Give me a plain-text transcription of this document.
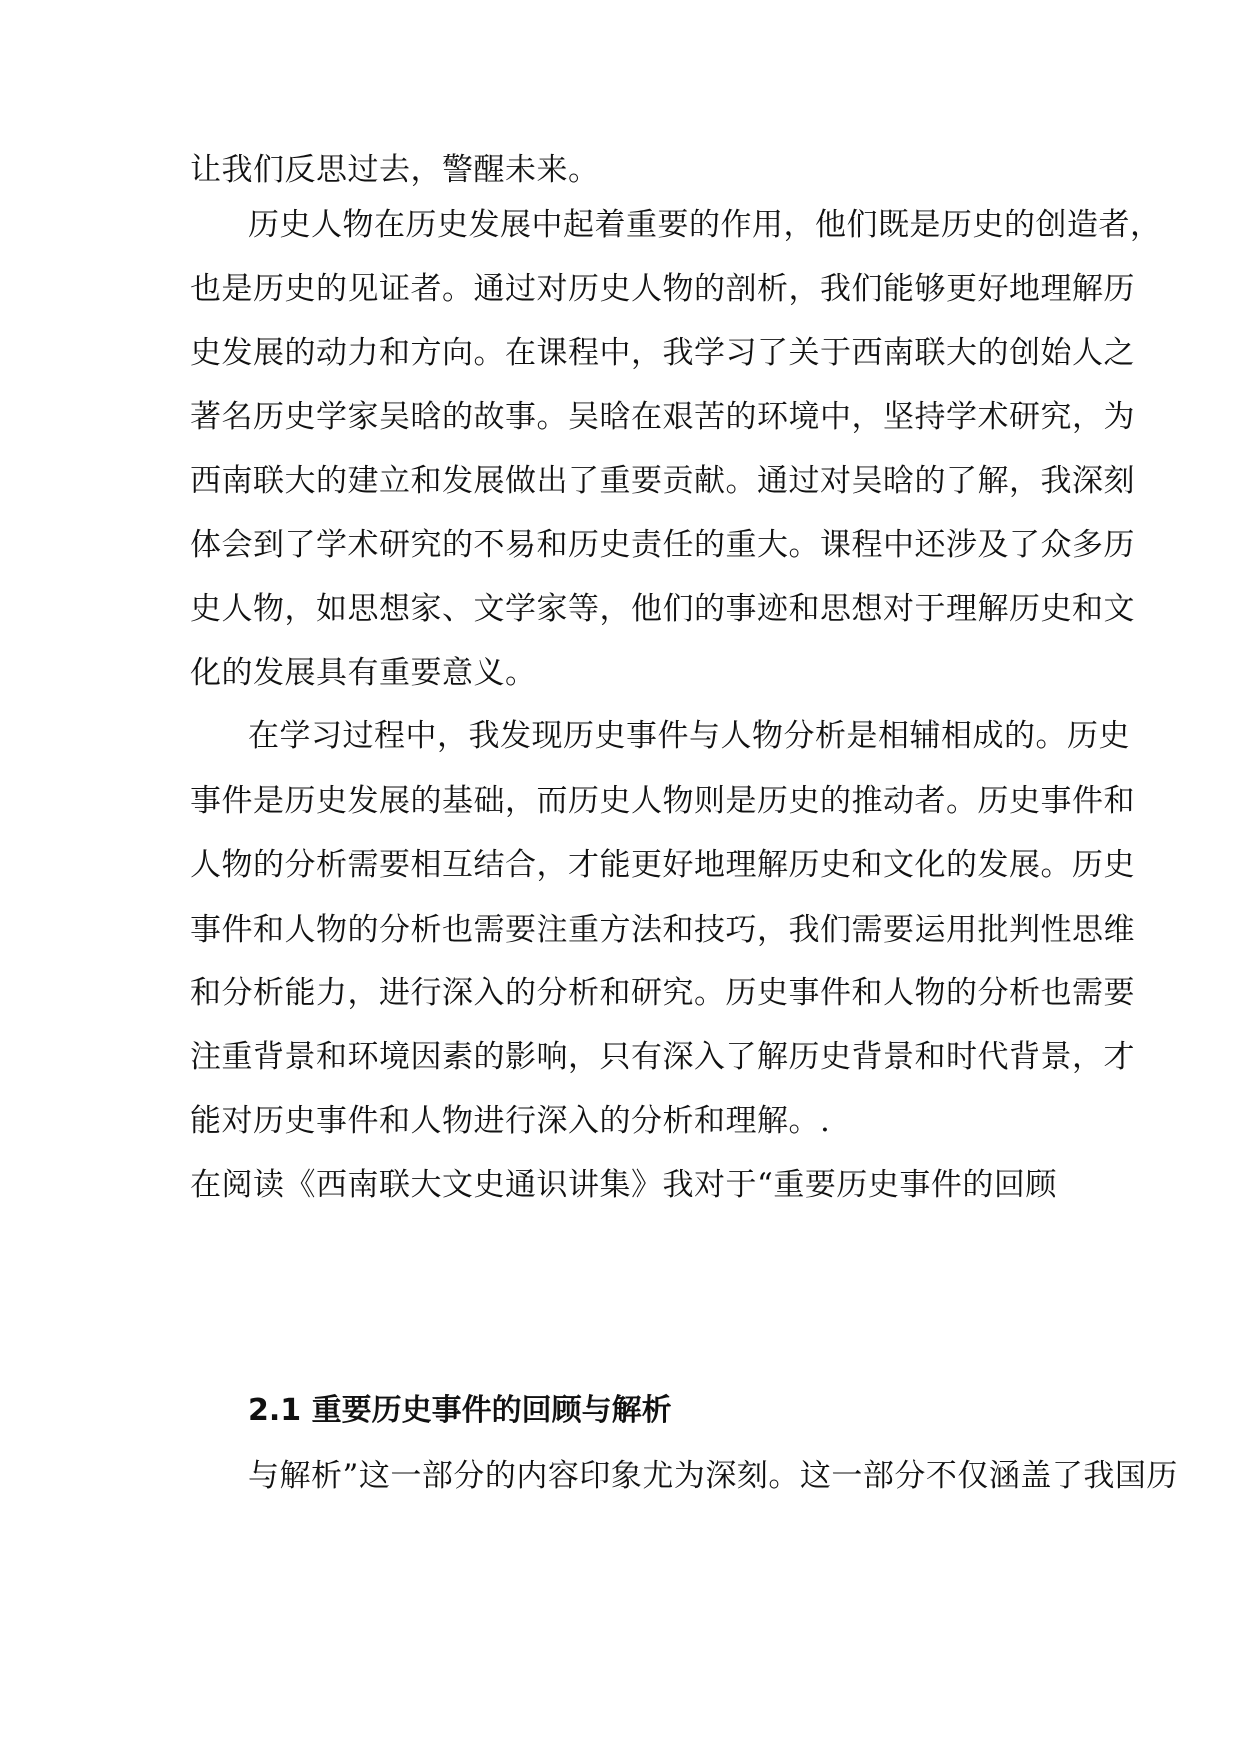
让我们反思过去，警醒未来。
历史人物在历史发展中起着重要的作用，他们既是历史的创造者，
也是历史的见证者。通过对历史人物的剖析，我们能够更好地理解历
史发展的动力和方向。在课程中，我学习了关于西南联大的创始人之
著名历史学家吴晗的故事。吴晗在艰苦的环境中，坚持学术研究，为
西南联大的建立和发展做出了重要贡献。通过对吴晗的了解，我深刻
体会到了学术研究的不易和历史责任的重大。课程中还涉及了众多历
史人物，如思想家、文学家等，他们的事迹和思想对于理解历史和文
化的发展具有重要意义。
在学习过程中，我发现历史事件与人物分析是相辅相成的。历史
事件是历史发展的基础，而历史人物则是历史的推动者。历史事件和
人物的分析需要相互结合，才能更好地理解历史和文化的发展。历史
事件和人物的分析也需要注重方法和技巧，我们需要运用批判性思维
和分析能力，进行深入的分析和研究。历史事件和人物的分析也需要
注重背景和环境因素的影响，只有深入了解历史背景和时代背景，才
能对历史事件和人物进行深入的分析和理解。.
在阅读《西南联大文史通识讲集》我对于“重要历史事件的回顾
2.1 重要历史事件的回顾与解析
与解析”这一部分的内容印象尤为深刻。这一部分不仅涵盖了我国历
